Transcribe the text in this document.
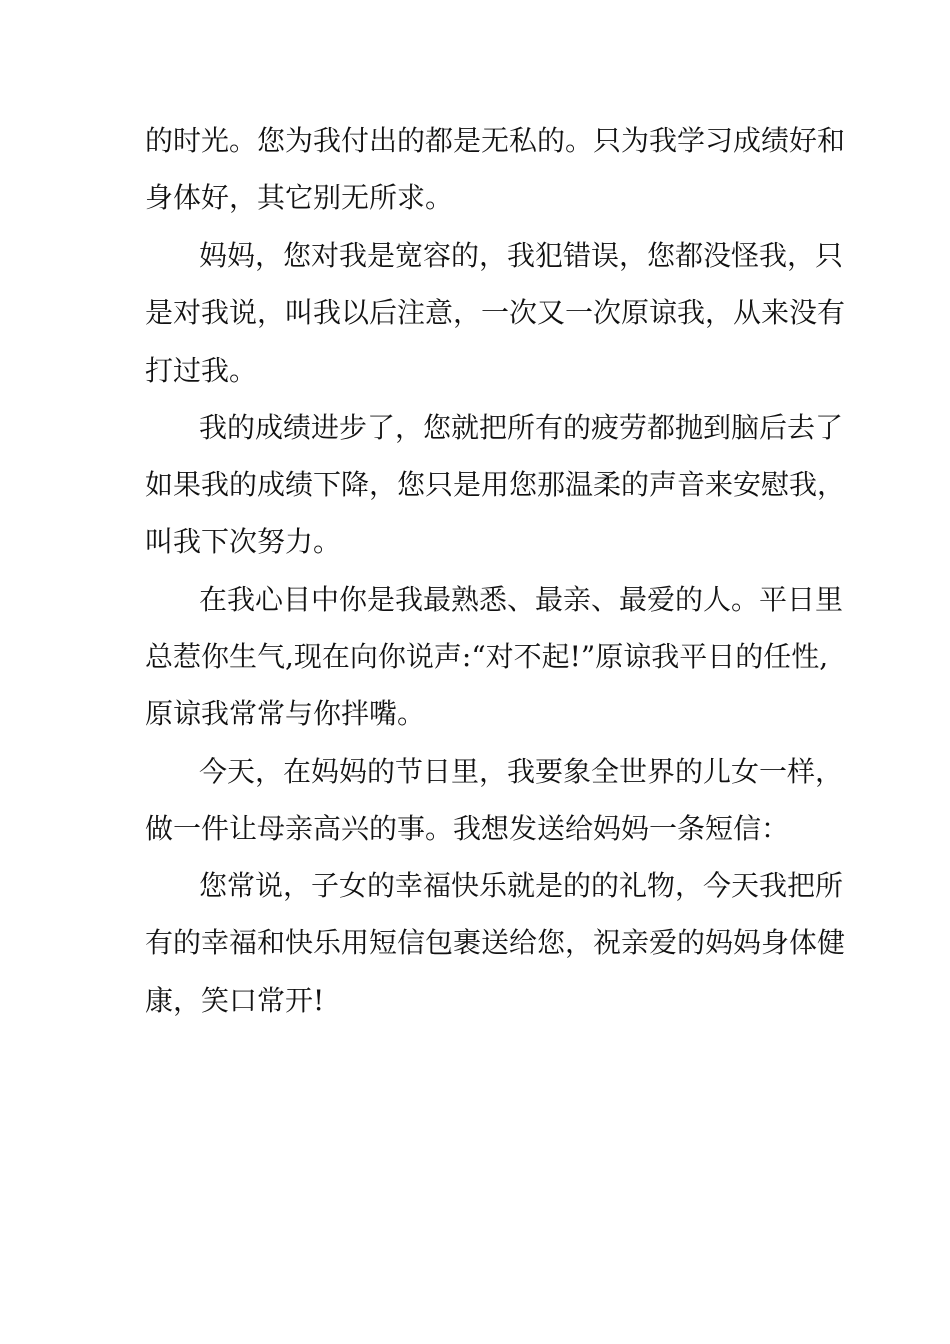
的时光。您为我付出的都是无私的。只为我学习成绩好和

身体好，其它别无所求。

妈妈，您对我是宽容的，我犯错误，您都没怪我，只

是对我说，叫我以后注意，一次又一次原谅我，从来没有

打过我。

我的成绩进步了，您就把所有的疲劳都抛到脑后去了

如果我的成绩下降，您只是用您那温柔的声音来安慰我，

叫我下次努力。

在我心目中你是我最熟悉、最亲、最爱的人。平日里

总惹你生气,现在向你说声:“对不起!”原谅我平日的任性,

原谅我常常与你拌嘴。

今天，在妈妈的节日里，我要象全世界的儿女一样，

做一件让母亲高兴的事。我想发送给妈妈一条短信：

您常说，子女的幸福快乐就是的的礼物，今天我把所

有的幸福和快乐用短信包裹送给您，祝亲爱的妈妈身体健

康，笑口常开!
